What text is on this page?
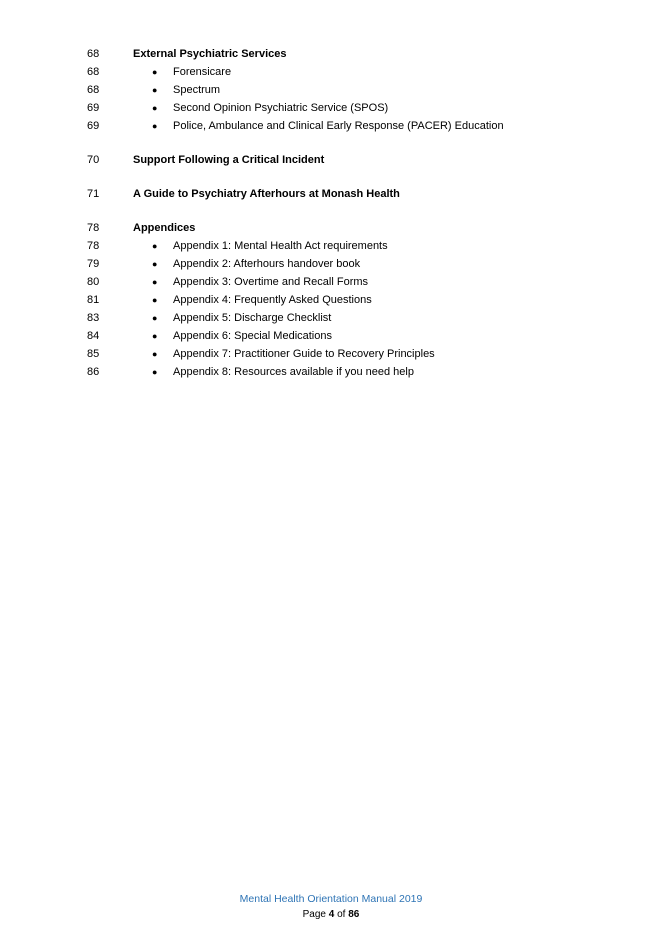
68	External Psychiatric Services
68	● Forensicare
68	● Spectrum
69	● Second Opinion Psychiatric Service (SPOS)
69	● Police, Ambulance and Clinical Early Response (PACER) Education
70	Support Following a Critical Incident
71	A Guide to Psychiatry Afterhours at Monash Health
78	Appendices
78	● Appendix 1: Mental Health Act requirements
79	● Appendix 2: Afterhours handover book
80	● Appendix 3: Overtime and Recall Forms
81	● Appendix 4: Frequently Asked Questions
83	● Appendix 5: Discharge Checklist
84	● Appendix 6: Special Medications
85	● Appendix 7: Practitioner Guide to Recovery Principles
86	● Appendix 8: Resources available if you need help
Mental Health Orientation Manual 2019
Page 4 of 86
